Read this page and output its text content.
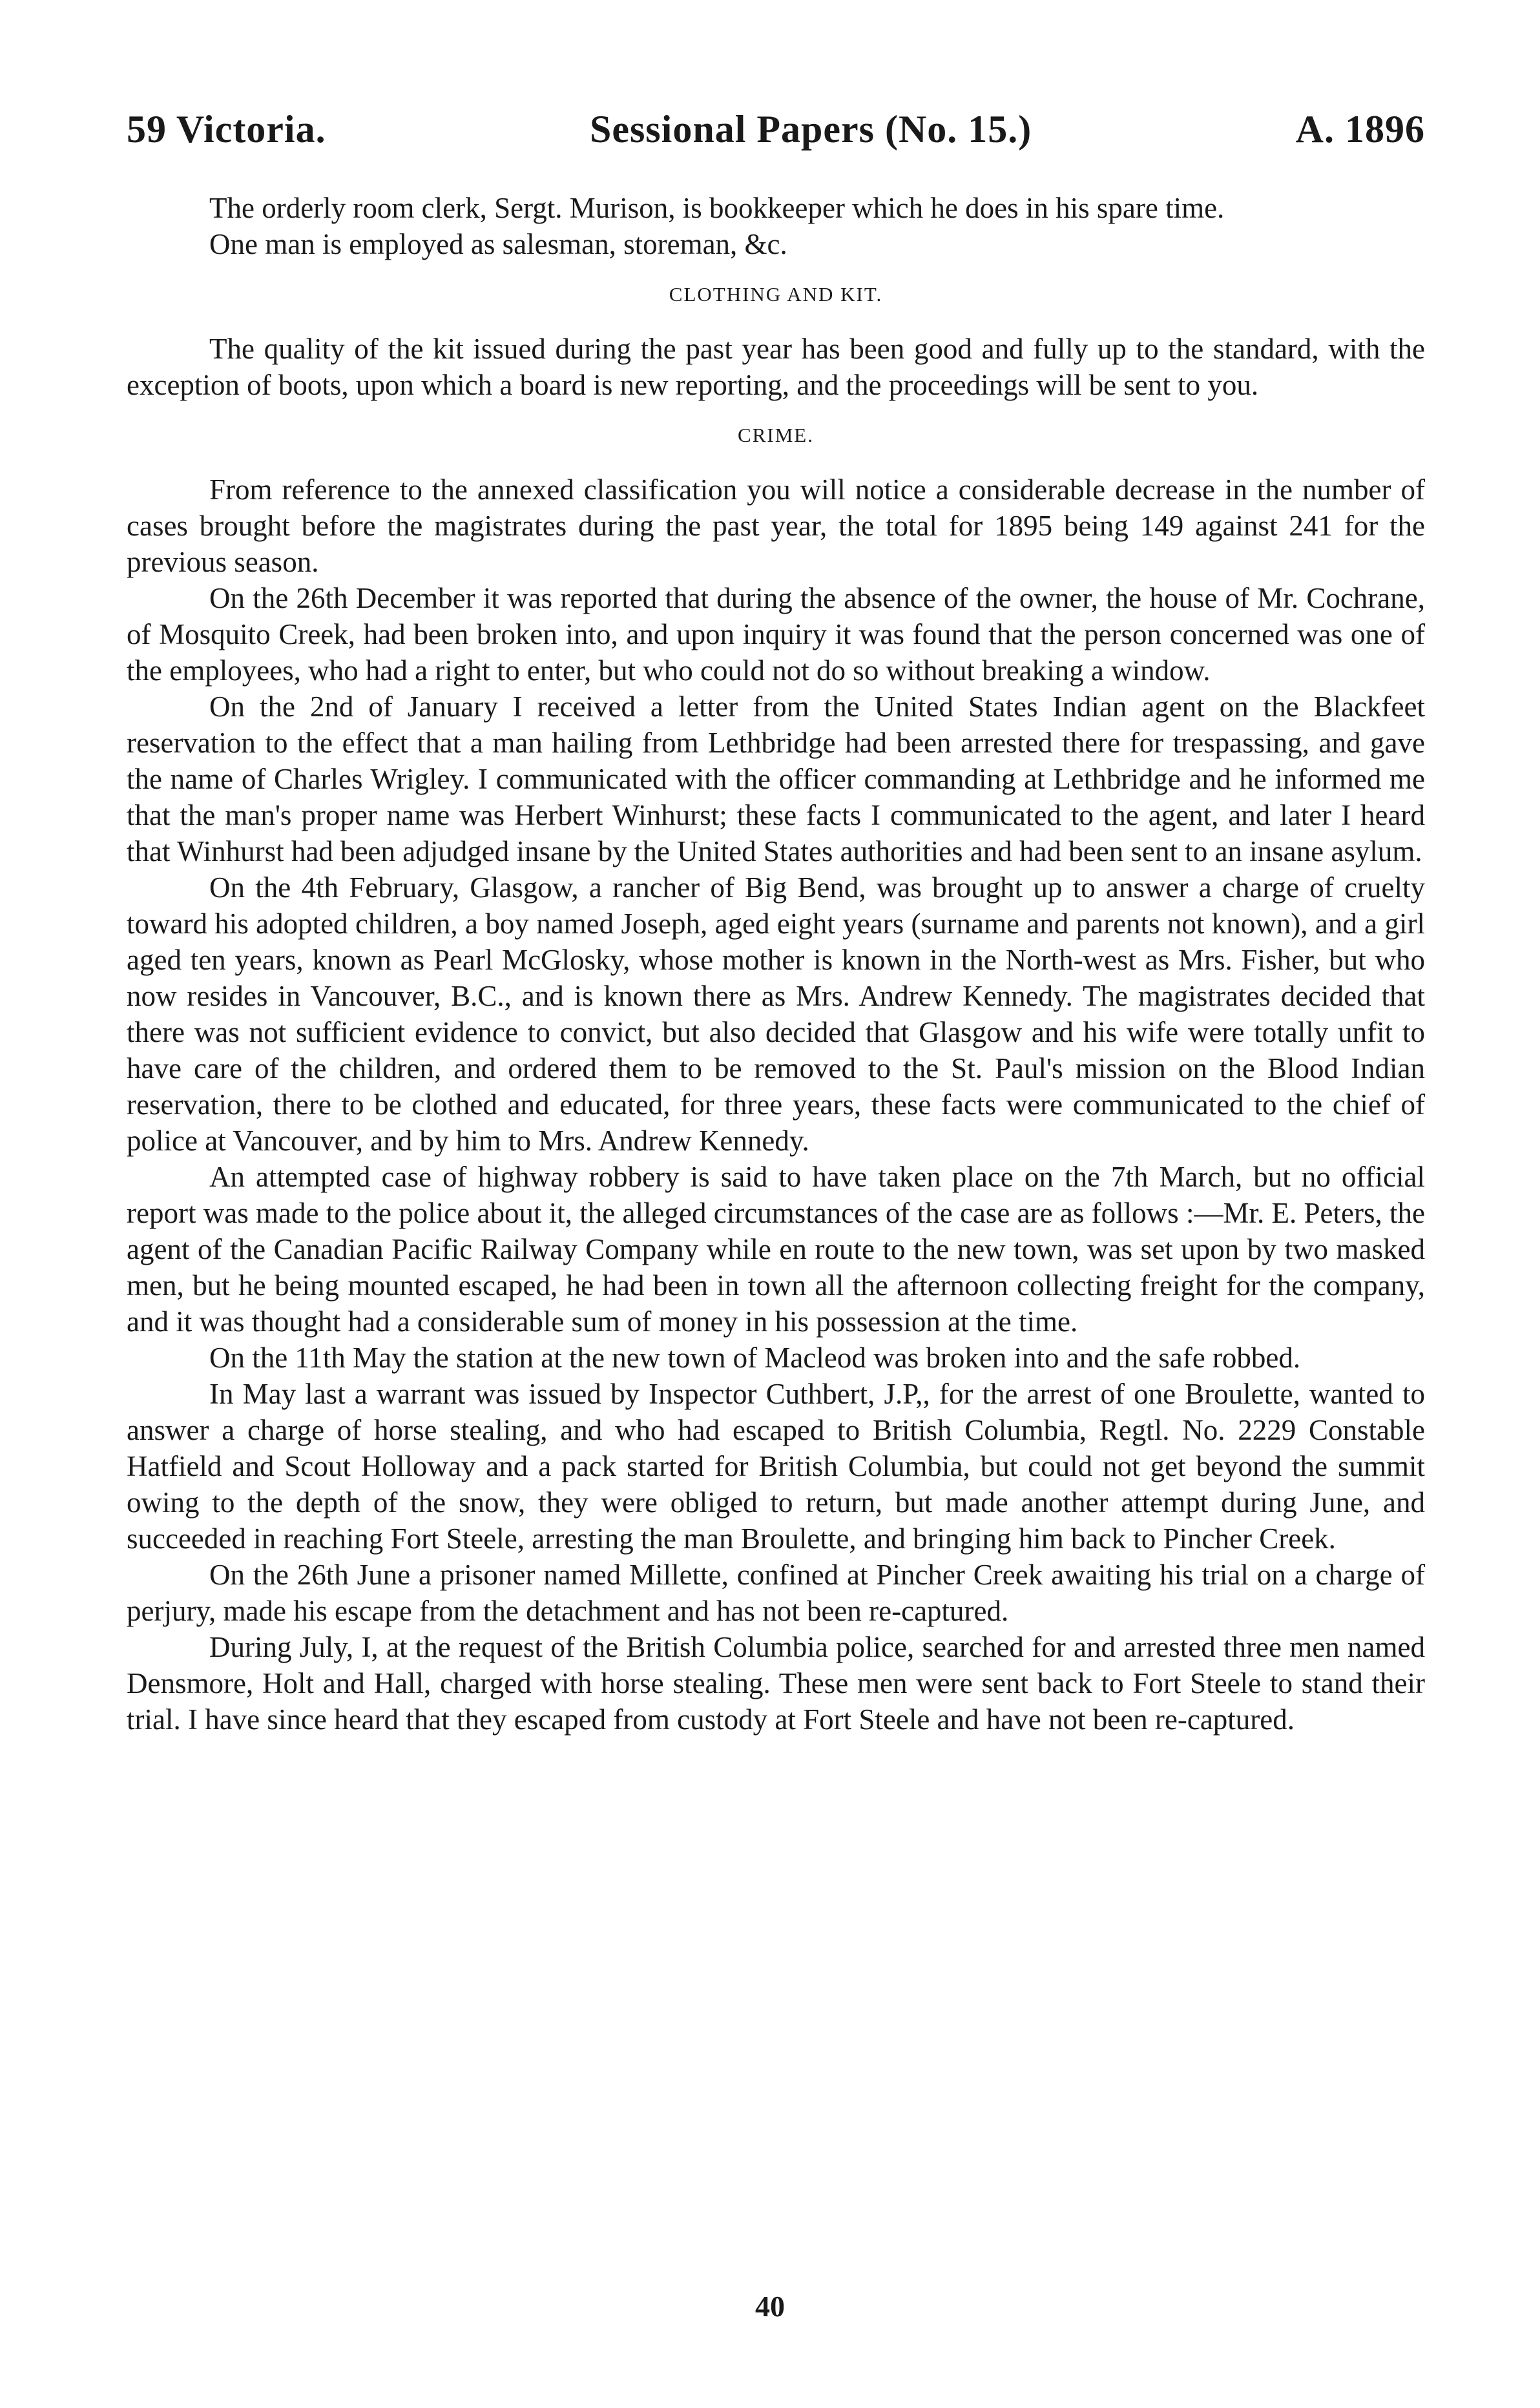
59 Victoria.	Sessional Papers (No. 15.)	A. 1896

The orderly room clerk, Sergt. Murison, is bookkeeper which he does in his spare time.

One man is employed as salesman, storeman, &c.

CLOTHING AND KIT.

The quality of the kit issued during the past year has been good and fully up to the standard, with the exception of boots, upon which a board is new reporting, and the proceedings will be sent to you.

CRIME.

From reference to the annexed classification you will notice a considerable decrease in the number of cases brought before the magistrates during the past year, the total for 1895 being 149 against 241 for the previous season.

On the 26th December it was reported that during the absence of the owner, the house of Mr. Cochrane, of Mosquito Creek, had been broken into, and upon inquiry it was found that the person concerned was one of the employees, who had a right to enter, but who could not do so without breaking a window.

On the 2nd of January I received a letter from the United States Indian agent on the Blackfeet reservation to the effect that a man hailing from Lethbridge had been arrested there for trespassing, and gave the name of Charles Wrigley. I communicated with the officer commanding at Lethbridge and he informed me that the man's proper name was Herbert Winhurst; these facts I communicated to the agent, and later I heard that Winhurst had been adjudged insane by the United States authorities and had been sent to an insane asylum.

On the 4th February, Glasgow, a rancher of Big Bend, was brought up to answer a charge of cruelty toward his adopted children, a boy named Joseph, aged eight years (surname and parents not known), and a girl aged ten years, known as Pearl McGlosky, whose mother is known in the North-west as Mrs. Fisher, but who now resides in Vancouver, B.C., and is known there as Mrs. Andrew Kennedy. The magistrates decided that there was not sufficient evidence to convict, but also decided that Glasgow and his wife were totally unfit to have care of the children, and ordered them to be removed to the St. Paul's mission on the Blood Indian reservation, there to be clothed and educated, for three years, these facts were communicated to the chief of police at Vancouver, and by him to Mrs. Andrew Kennedy.

An attempted case of highway robbery is said to have taken place on the 7th March, but no official report was made to the police about it, the alleged circumstances of the case are as follows :—Mr. E. Peters, the agent of the Canadian Pacific Railway Company while en route to the new town, was set upon by two masked men, but he being mounted escaped, he had been in town all the afternoon collecting freight for the company, and it was thought had a considerable sum of money in his possession at the time.

On the 11th May the station at the new town of Macleod was broken into and the safe robbed.

In May last a warrant was issued by Inspector Cuthbert, J.P,, for the arrest of one Broulette, wanted to answer a charge of horse stealing, and who had escaped to British Columbia, Regtl. No. 2229 Constable Hatfield and Scout Holloway and a pack started for British Columbia, but could not get beyond the summit owing to the depth of the snow, they were obliged to return, but made another attempt during June, and succeeded in reaching Fort Steele, arresting the man Broulette, and bringing him back to Pincher Creek.

On the 26th June a prisoner named Millette, confined at Pincher Creek awaiting his trial on a charge of perjury, made his escape from the detachment and has not been re-captured.

During July, I, at the request of the British Columbia police, searched for and arrested three men named Densmore, Holt and Hall, charged with horse stealing. These men were sent back to Fort Steele to stand their trial. I have since heard that they escaped from custody at Fort Steele and have not been re-captured.

40
